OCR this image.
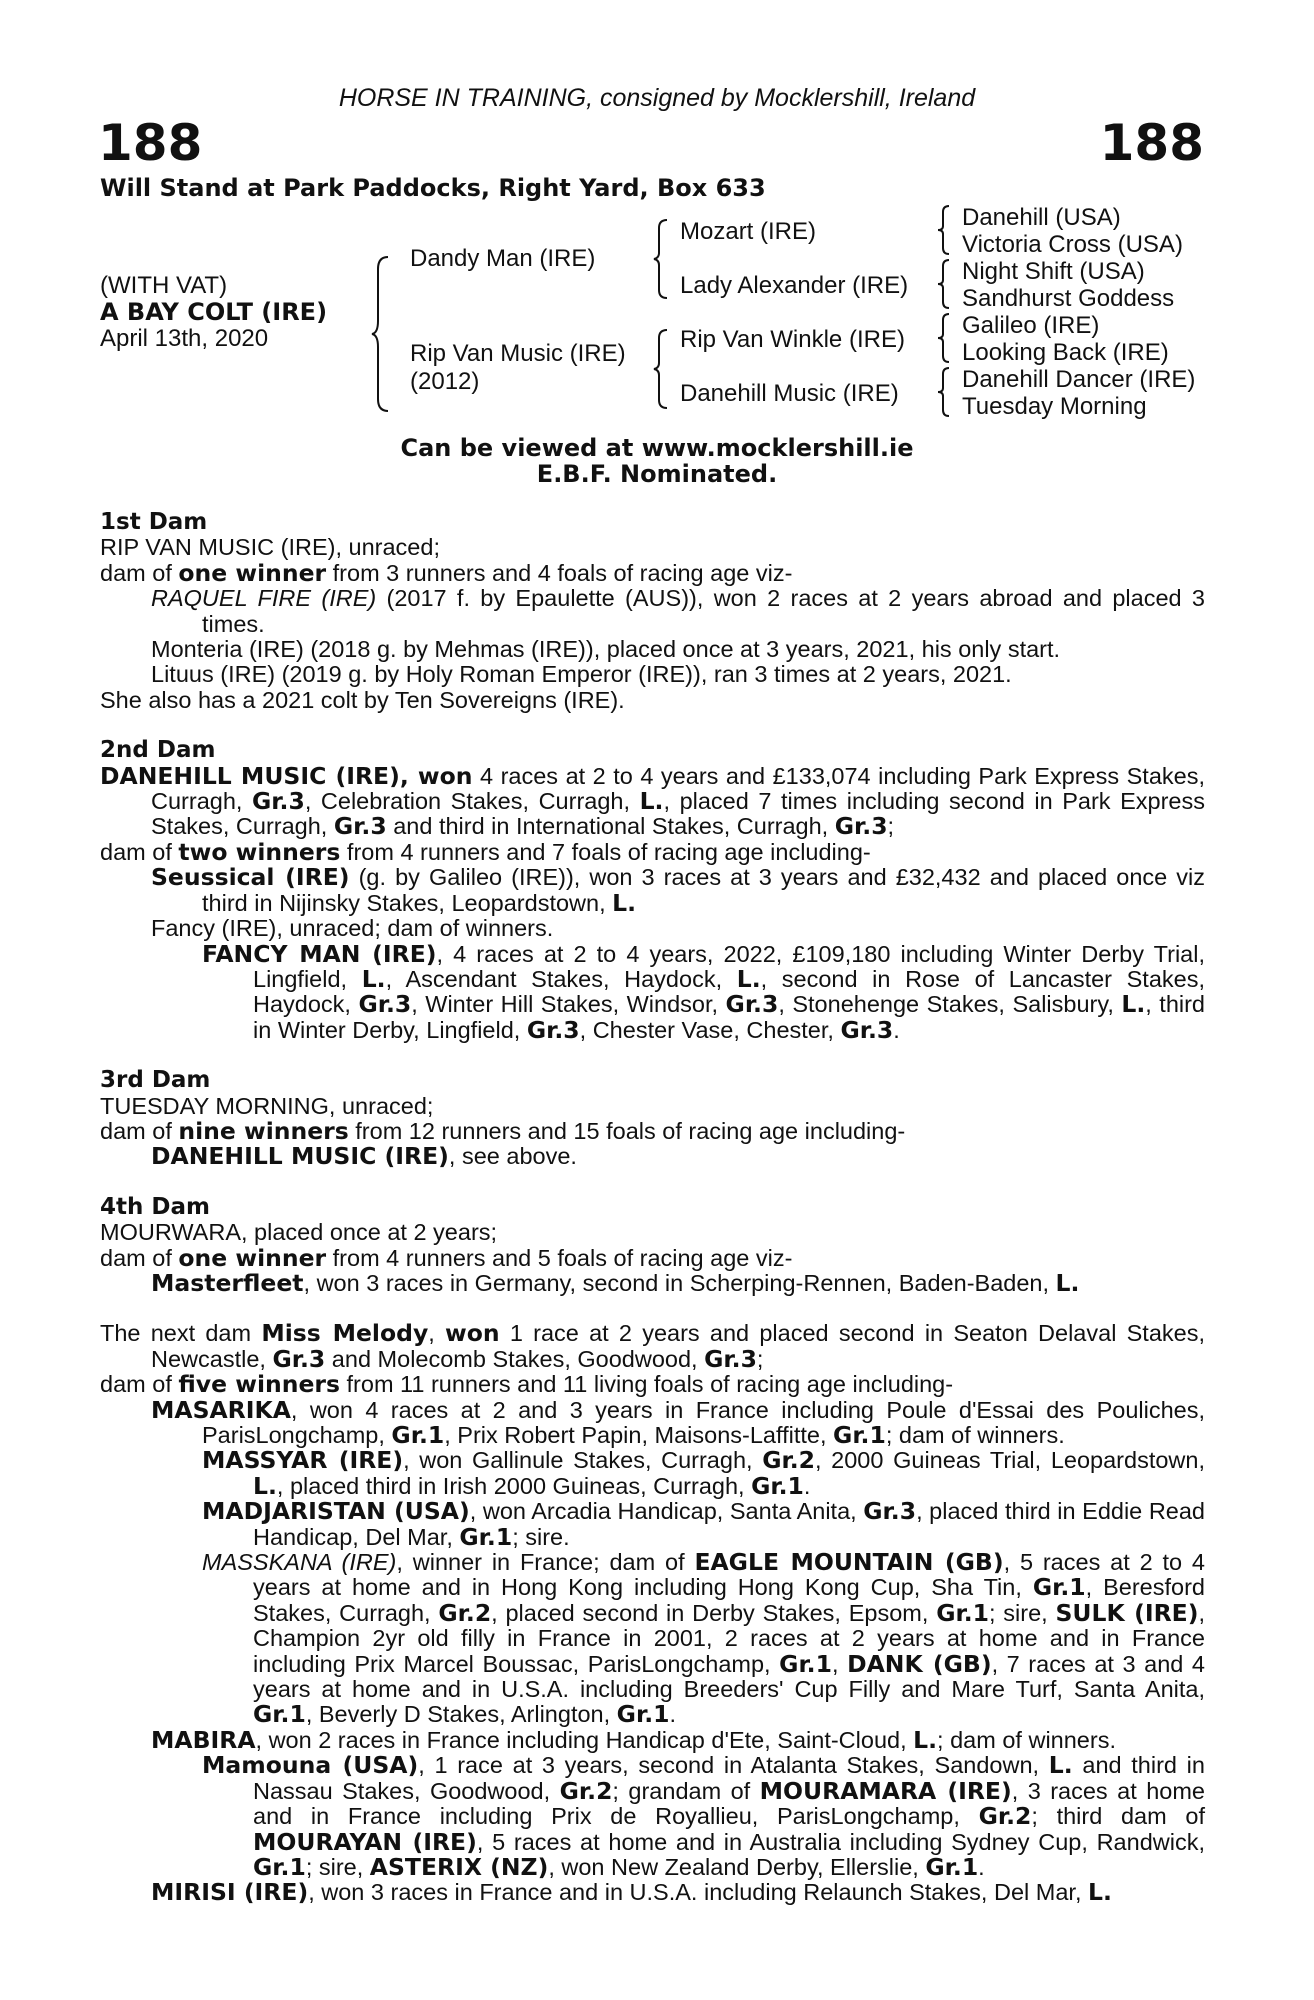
HORSE IN TRAINING, consigned by Mocklershill, Ireland
188	188
Will Stand at Park Paddocks, Right Yard, Box 633
(WITH VAT)
A BAY COLT (IRE)
April 13th, 2020
Dandy Man (IRE)
Rip Van Music (IRE)
(2012)
Mozart (IRE)
Lady Alexander (IRE)
Rip Van Winkle (IRE)
Danehill Music (IRE)
Danehill (USA)
Victoria Cross (USA)
Night Shift (USA)
Sandhurst Goddess
Galileo (IRE)
Looking Back (IRE)
Danehill Dancer (IRE)
Tuesday Morning
Can be viewed at www.mocklershill.ie
E.B.F. Nominated.
1st Dam
RIP VAN MUSIC (IRE), unraced;
dam of one winner from 3 runners and 4 foals of racing age viz-
RAQUEL FIRE (IRE) (2017 f. by Epaulette (AUS)), won 2 races at 2 years abroad and placed 3 times.
Monteria (IRE) (2018 g. by Mehmas (IRE)), placed once at 3 years, 2021, his only start.
Lituus (IRE) (2019 g. by Holy Roman Emperor (IRE)), ran 3 times at 2 years, 2021.
She also has a 2021 colt by Ten Sovereigns (IRE).
2nd Dam
DANEHILL MUSIC (IRE), won 4 races at 2 to 4 years and £133,074 including Park Express Stakes, Curragh, Gr.3, Celebration Stakes, Curragh, L., placed 7 times including second in Park Express Stakes, Curragh, Gr.3 and third in International Stakes, Curragh, Gr.3;
dam of two winners from 4 runners and 7 foals of racing age including-
Seussical (IRE) (g. by Galileo (IRE)), won 3 races at 3 years and £32,432 and placed once viz third in Nijinsky Stakes, Leopardstown, L.
Fancy (IRE), unraced; dam of winners.
FANCY MAN (IRE), 4 races at 2 to 4 years, 2022, £109,180 including Winter Derby Trial, Lingfield, L., Ascendant Stakes, Haydock, L., second in Rose of Lancaster Stakes, Haydock, Gr.3, Winter Hill Stakes, Windsor, Gr.3, Stonehenge Stakes, Salisbury, L., third in Winter Derby, Lingfield, Gr.3, Chester Vase, Chester, Gr.3.
3rd Dam
TUESDAY MORNING, unraced;
dam of nine winners from 12 runners and 15 foals of racing age including-
DANEHILL MUSIC (IRE), see above.
4th Dam
MOURWARA, placed once at 2 years;
dam of one winner from 4 runners and 5 foals of racing age viz-
Masterfleet, won 3 races in Germany, second in Scherping-Rennen, Baden-Baden, L.
The next dam Miss Melody, won 1 race at 2 years and placed second in Seaton Delaval Stakes, Newcastle, Gr.3 and Molecomb Stakes, Goodwood, Gr.3;
dam of five winners from 11 runners and 11 living foals of racing age including-
MASARIKA, won 4 races at 2 and 3 years in France including Poule d'Essai des Pouliches, ParisLongchamp, Gr.1, Prix Robert Papin, Maisons-Laffitte, Gr.1; dam of winners.
MASSYAR (IRE), won Gallinule Stakes, Curragh, Gr.2, 2000 Guineas Trial, Leopardstown, L., placed third in Irish 2000 Guineas, Curragh, Gr.1.
MADJARISTAN (USA), won Arcadia Handicap, Santa Anita, Gr.3, placed third in Eddie Read Handicap, Del Mar, Gr.1; sire.
MASSKANA (IRE), winner in France; dam of EAGLE MOUNTAIN (GB), 5 races at 2 to 4 years at home and in Hong Kong including Hong Kong Cup, Sha Tin, Gr.1, Beresford Stakes, Curragh, Gr.2, placed second in Derby Stakes, Epsom, Gr.1; sire, SULK (IRE), Champion 2yr old filly in France in 2001, 2 races at 2 years at home and in France including Prix Marcel Boussac, ParisLongchamp, Gr.1, DANK (GB), 7 races at 3 and 4 years at home and in U.S.A. including Breeders' Cup Filly and Mare Turf, Santa Anita, Gr.1, Beverly D Stakes, Arlington, Gr.1.
MABIRA, won 2 races in France including Handicap d'Ete, Saint-Cloud, L.; dam of winners.
Mamouna (USA), 1 race at 3 years, second in Atalanta Stakes, Sandown, L. and third in Nassau Stakes, Goodwood, Gr.2; grandam of MOURAMARA (IRE), 3 races at home and in France including Prix de Royallieu, ParisLongchamp, Gr.2; third dam of MOURAYAN (IRE), 5 races at home and in Australia including Sydney Cup, Randwick, Gr.1; sire, ASTERIX (NZ), won New Zealand Derby, Ellerslie, Gr.1.
MIRISI (IRE), won 3 races in France and in U.S.A. including Relaunch Stakes, Del Mar, L.
